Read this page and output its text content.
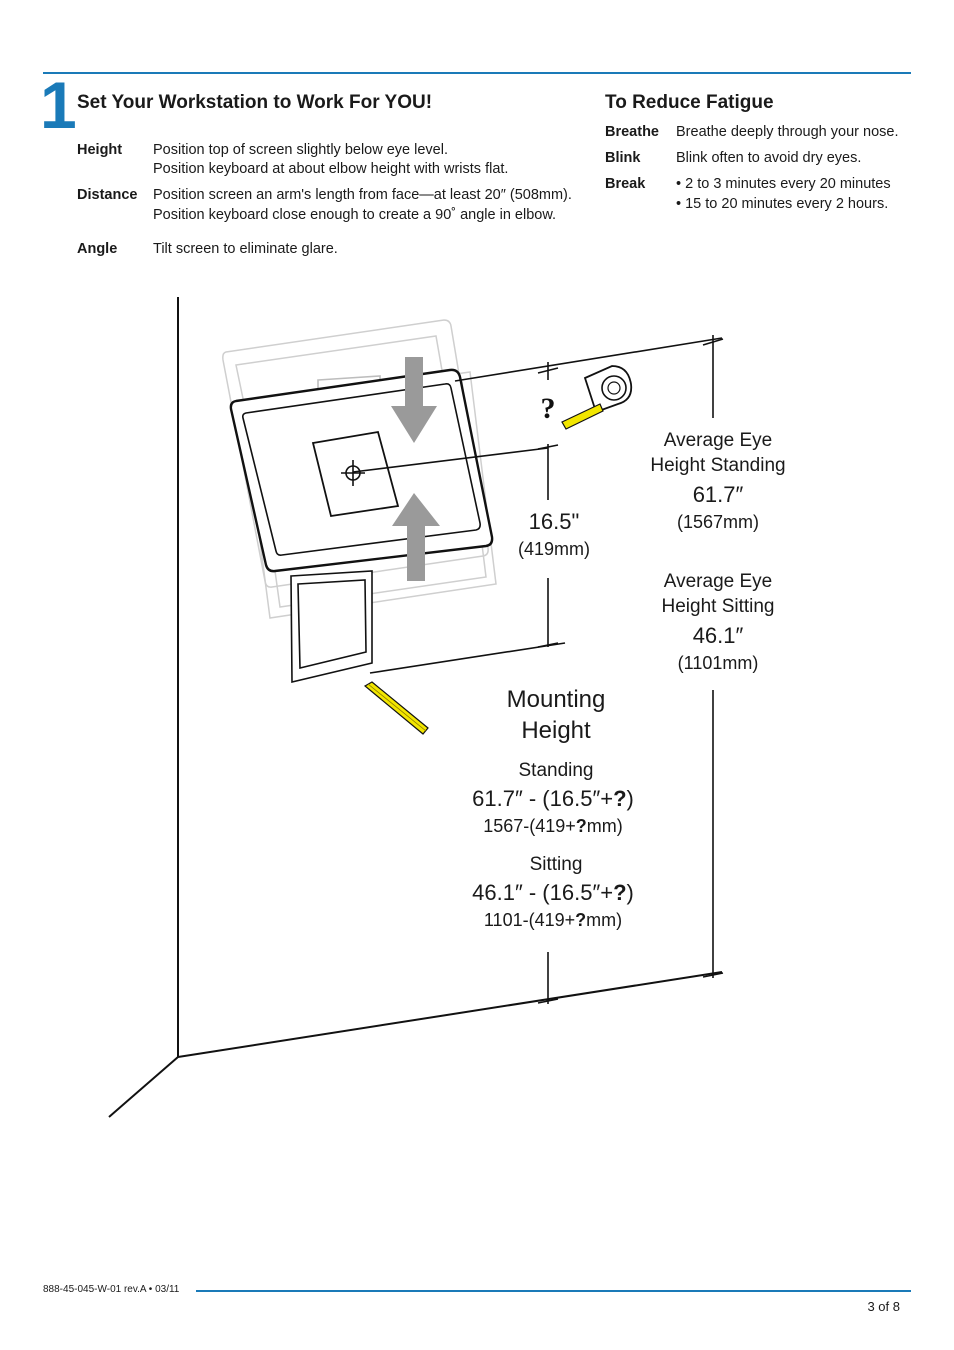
1 Set Your Workstation to Work For YOU!	To Reduce Fatigue
Height Position top of screen slightly below eye level.
Position keyboard at about elbow height with wrists flat.
Distance Position screen an arm's length from face—at least 20″ (508mm).
Position keyboard close enough to create a 90˚ angle in elbow.
Angle Tilt screen to eliminate glare.
Breathe Breathe deeply through your nose.
Blink Blink often to avoid dry eyes.
Break • 2 to 3 minutes every 20 minutes
• 15 to 20 minutes every 2 hours.
?
16.5"
(419mm)
Average Eye
Height Standing
61.7″
(1567mm)
Average Eye
Height Sitting
46.1″
(1101mm)
Mounting
Height
Standing
61.7″ - (16.5″+?)
1567-(419+?mm)
Sitting
46.1″ - (16.5″+?)
1101-(419+?mm)
888-45-045-W-01 rev.A • 03/11
3 of 8
